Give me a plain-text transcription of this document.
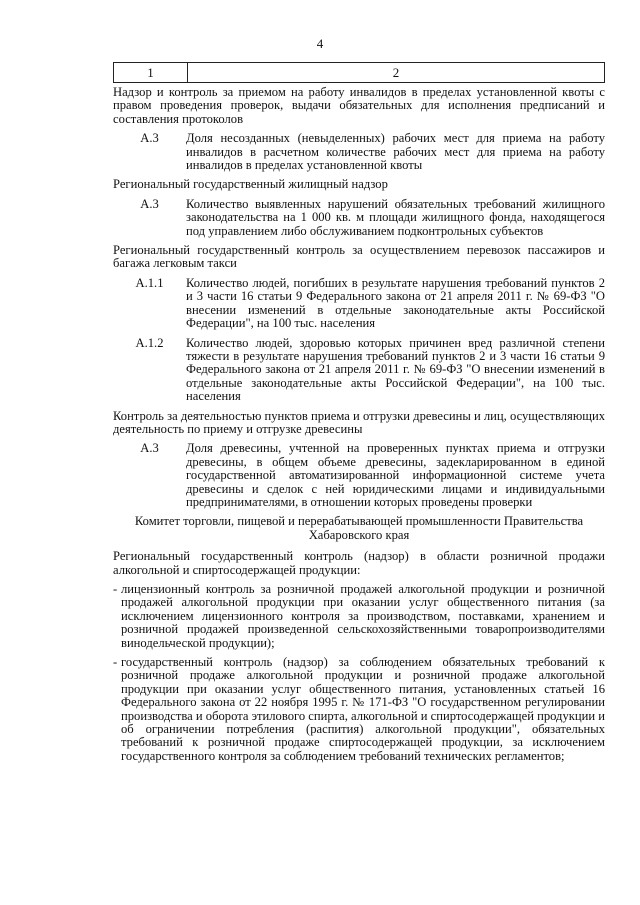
4
1	2
Надзор и контроль за приемом на работу инвалидов в пределах установленной квоты с правом проведения проверок, выдачи обязательных для исполнения предписаний и составления протоколов
А.3	Доля несозданных (невыделенных) рабочих мест для приема на работу инвалидов в расчетном количестве рабочих мест для приема на работу инвалидов в пределах установленной квоты
Региональный государственный жилищный надзор
А.3	Количество выявленных нарушений обязательных требований жилищного законодательства на 1 000 кв. м площади жилищного фонда, находящегося под управлением либо обслуживанием подконтрольных субъектов
Региональный государственный контроль за осуществлением перевозок пассажиров и багажа легковым такси
А.1.1	Количество людей, погибших в результате нарушения требований пунктов 2 и 3 части 16 статьи 9 Федерального закона от 21 апреля 2011 г. № 69-ФЗ "О внесении изменений в отдельные законодательные акты Российской Федерации", на 100 тыс. населения
А.1.2	Количество людей, здоровью которых причинен вред различной степени тяжести в результате нарушения требований пунктов 2 и 3 части 16 статьи 9 Федерального закона от 21 апреля 2011 г. № 69-ФЗ "О внесении изменений в отдельные законодательные акты Российской Федерации", на 100 тыс. населения
Контроль за деятельностью пунктов приема и отгрузки древесины и лиц, осуществляющих деятельность по приему и отгрузке древесины
А.3	Доля древесины, учтенной на проверенных пунктах приема и отгрузки древесины, в общем объеме древесины, задекларированном в единой государственной автоматизированной информационной системе учета древесины и сделок с ней юридическими лицами и индивидуальными предпринимателями, в отношении которых проведены проверки
Комитет торговли, пищевой и перерабатывающей промышленности Правительства Хабаровского края
Региональный государственный контроль (надзор) в области розничной продажи алкогольной и спиртосодержащей продукции:
- лицензионный контроль за розничной продажей алкогольной продукции и розничной продажей алкогольной продукции при оказании услуг общественного питания (за исключением лицензионного контроля за производством, поставками, хранением и розничной продажей произведенной сельскохозяйственными товаропроизводителями винодельческой продукции);
- государственный контроль (надзор) за соблюдением обязательных требований к розничной продаже алкогольной продукции и розничной продаже алкогольной продукции при оказании услуг общественного питания, установленных статьей 16 Федерального закона от 22 ноября 1995 г. № 171-ФЗ "О государственном регулировании производства и оборота этилового спирта, алкогольной и спиртосодержащей продукции и об ограничении потребления (распития) алкогольной продукции", обязательных требований к розничной продаже спиртосодержащей продукции, за исключением государственного контроля за соблюдением требований технических регламентов;
